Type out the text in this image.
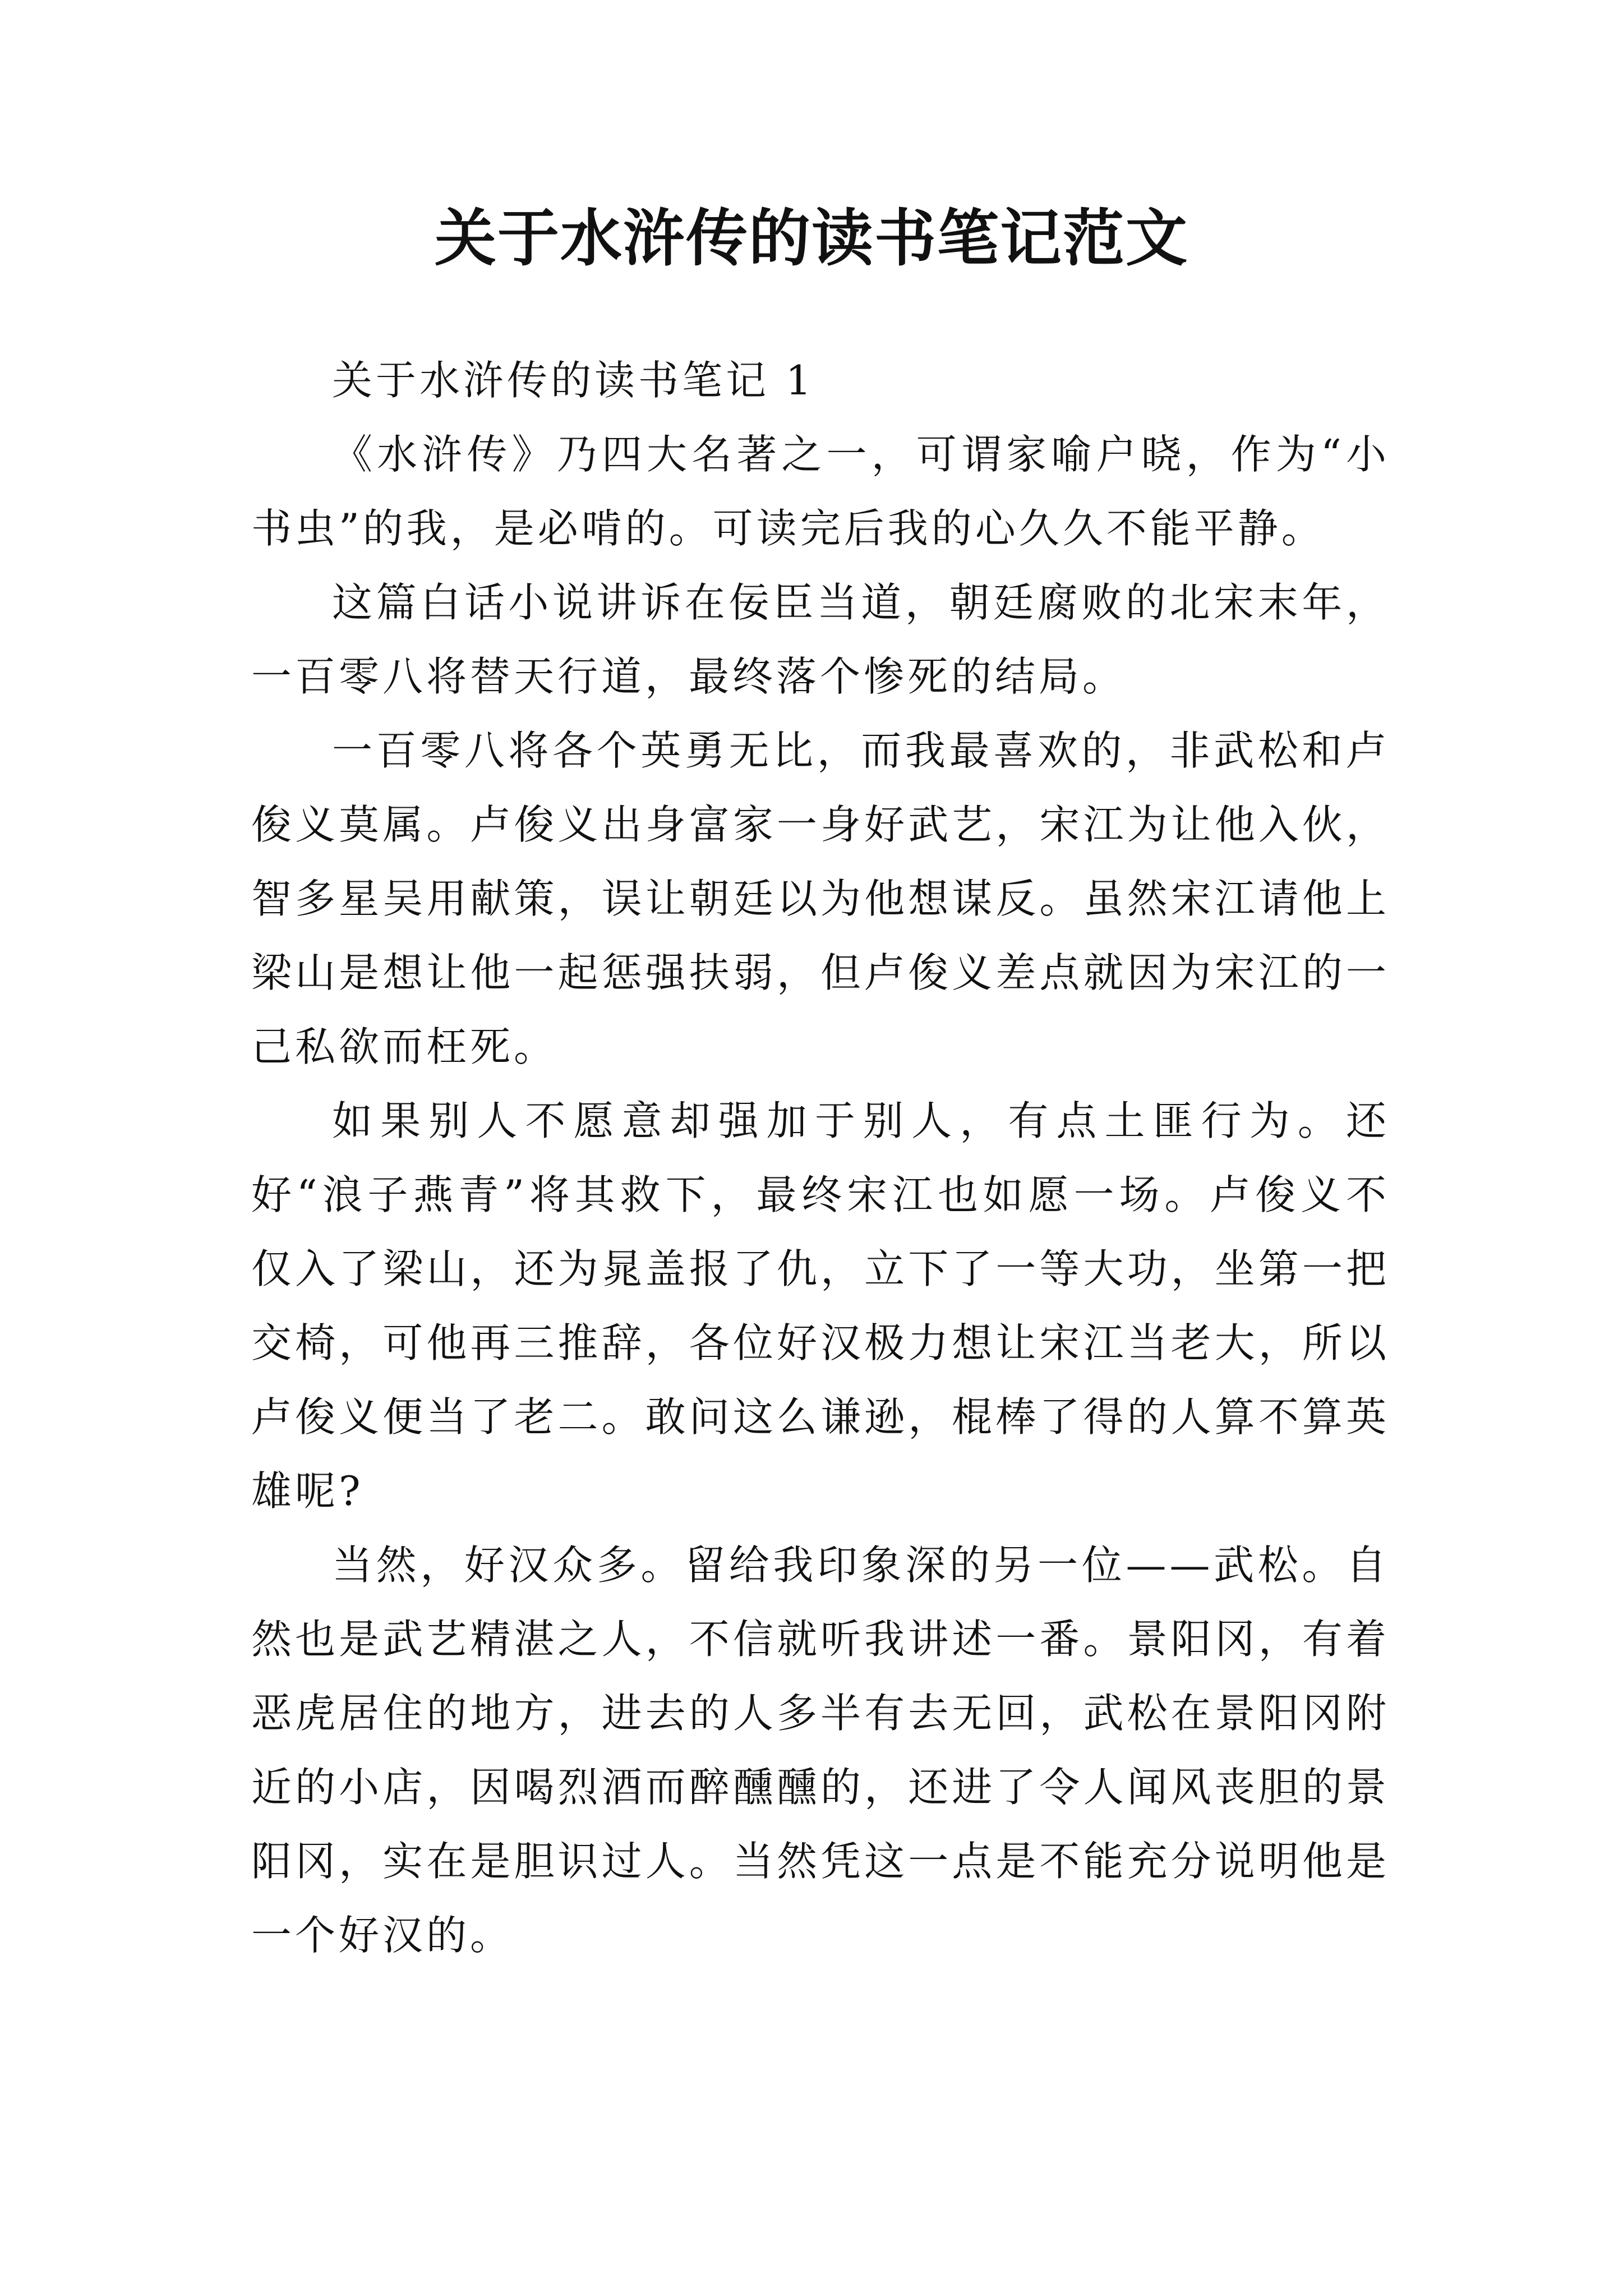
关于水浒传的读书笔记范文

关于水浒传的读书笔记 1

《水浒传》乃四大名著之一，可谓家喻户晓，作为“小书虫”的我，是必啃的。可读完后我的心久久不能平静。

这篇白话小说讲诉在佞臣当道，朝廷腐败的北宋末年，一百零八将替天行道，最终落个惨死的结局。

一百零八将各个英勇无比，而我最喜欢的，非武松和卢俊义莫属。卢俊义出身富家一身好武艺，宋江为让他入伙，智多星吴用献策，误让朝廷以为他想谋反。虽然宋江请他上梁山是想让他一起惩强扶弱，但卢俊义差点就因为宋江的一己私欲而枉死。

如果别人不愿意却强加于别人，有点土匪行为。还好“浪子燕青”将其救下，最终宋江也如愿一场。卢俊义不仅入了梁山，还为晁盖报了仇，立下了一等大功，坐第一把交椅，可他再三推辞，各位好汉极力想让宋江当老大，所以卢俊义便当了老二。敢问这么谦逊，棍棒了得的人算不算英雄呢?

当然，好汉众多。留给我印象深的另一位——武松。自然也是武艺精湛之人，不信就听我讲述一番。景阳冈，有着恶虎居住的地方，进去的人多半有去无回，武松在景阳冈附近的小店，因喝烈酒而醉醺醺的，还进了令人闻风丧胆的景阳冈，实在是胆识过人。当然凭这一点是不能充分说明他是一个好汉的。
